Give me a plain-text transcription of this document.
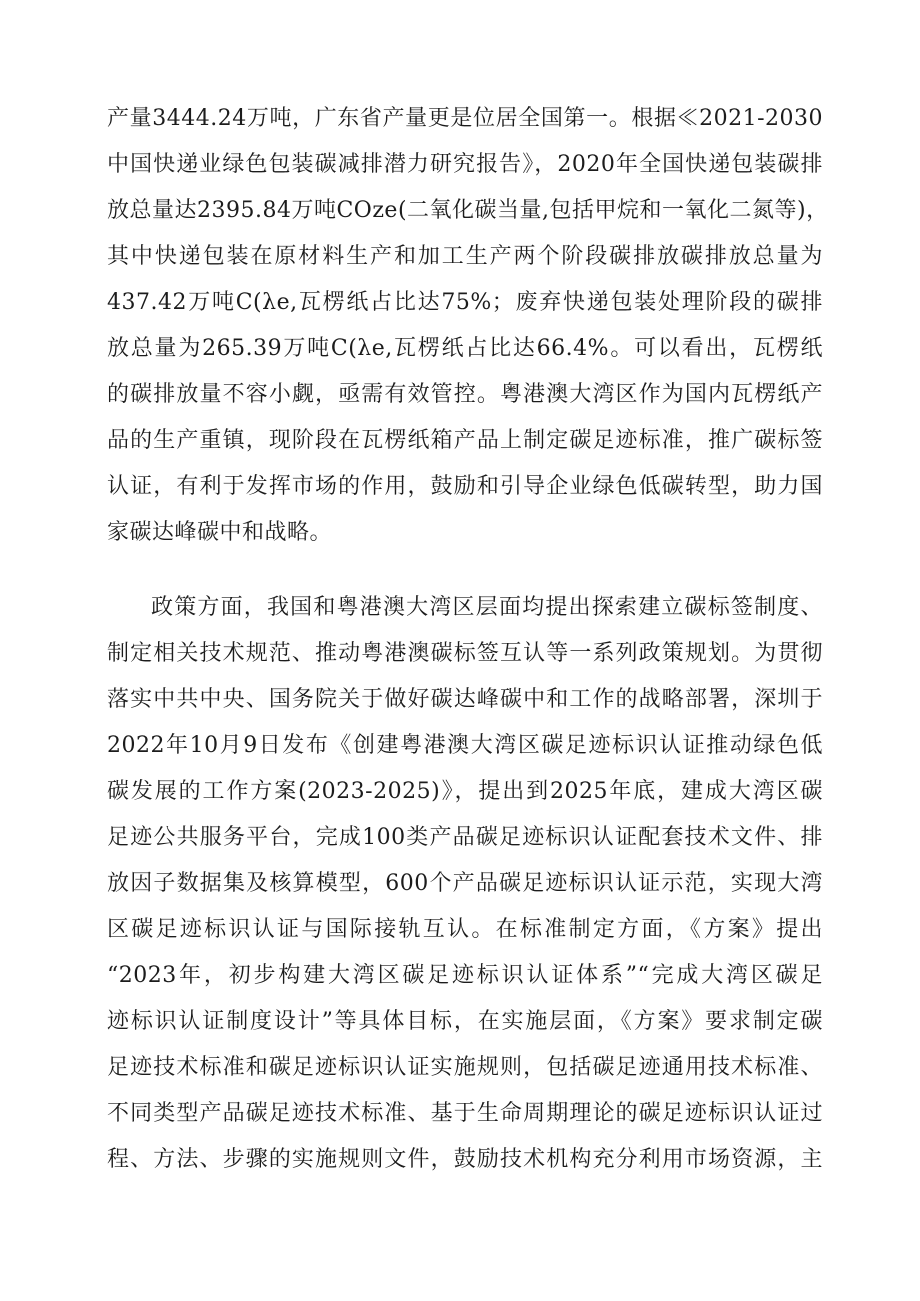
产量3444.24万吨，广东省产量更是位居全国第一。根据≪2021-2030
中国快递业绿色包装碳减排潜力研究报告》，2020年全国快递包装碳排
放总量达2395.84万吨COze(二氧化碳当量,包括甲烷和一氧化二氮等)，
其中快递包装在原材料生产和加工生产两个阶段碳排放碳排放总量为
437.42万吨C(λe,瓦楞纸占比达75%；废弃快递包装处理阶段的碳排
放总量为265.39万吨C(λe,瓦楞纸占比达66.4%。可以看出，瓦楞纸
的碳排放量不容小觑，亟需有效管控。粤港澳大湾区作为国内瓦楞纸产
品的生产重镇，现阶段在瓦楞纸箱产品上制定碳足迹标准，推广碳标签
认证，有利于发挥市场的作用，鼓励和引导企业绿色低碳转型，助力国
家碳达峰碳中和战略。
政策方面，我国和粤港澳大湾区层面均提出探索建立碳标签制度、
制定相关技术规范、推动粤港澳碳标签互认等一系列政策规划。为贯彻
落实中共中央、国务院关于做好碳达峰碳中和工作的战略部署，深圳于
2022年10月9日发布《创建粤港澳大湾区碳足迹标识认证推动绿色低
碳发展的工作方案(2023-2025)》，提出到2025年底，建成大湾区碳
足迹公共服务平台，完成100类产品碳足迹标识认证配套技术文件、排
放因子数据集及核算模型，600个产品碳足迹标识认证示范，实现大湾
区碳足迹标识认证与国际接轨互认。在标准制定方面，《方案》提出
“2023年，初步构建大湾区碳足迹标识认证体系”“完成大湾区碳足
迹标识认证制度设计”等具体目标，在实施层面，《方案》要求制定碳
足迹技术标准和碳足迹标识认证实施规则，包括碳足迹通用技术标准、
不同类型产品碳足迹技术标准、基于生命周期理论的碳足迹标识认证过
程、方法、步骤的实施规则文件，鼓励技术机构充分利用市场资源，主
